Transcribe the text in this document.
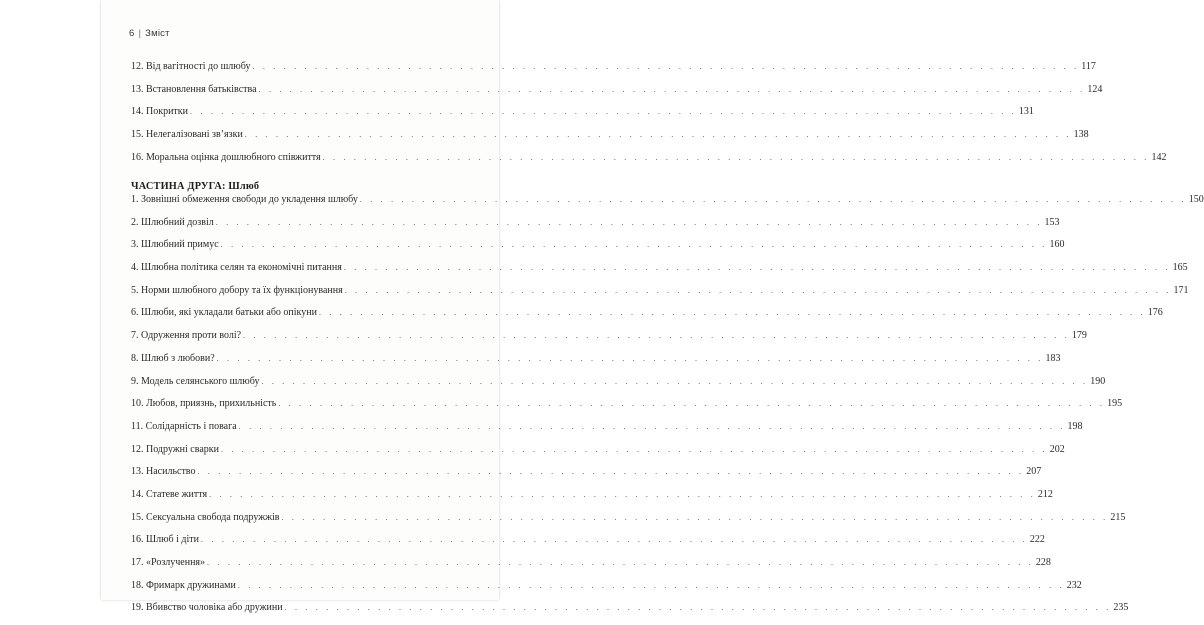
6 | Зміст
12. Від вагітності до шлюбу . . . . . . . . . . . . . . . . . . . . . . . . . . . . . . . . . . . . . . . . . . . . . . . . . . . . . . . . . . . . . . . . . . . . . . . . . . . . . . . . 117
13. Встановлення батьківства . . . . . . . . . . . . . . . . . . . . . . . . . . . . . . . . . . . . . . . . . . . . . . . . . . . . . . . . . . . . . . . . . . . . . . . . . . . . . . . . 124
14. Покритки . . . . . . . . . . . . . . . . . . . . . . . . . . . . . . . . . . . . . . . . . . . . . . . . . . . . . . . . . . . . . . . . . . . . . . . . . . . . . . . . 131
15. Нелегалізовані зв’язки . . . . . . . . . . . . . . . . . . . . . . . . . . . . . . . . . . . . . . . . . . . . . . . . . . . . . . . . . . . . . . . . . . . . . . . . . . . . . . . . 138
16. Моральна оцінка дошлюбного співжиття . . . . . . . . . . . . . . . . . . . . . . . . . . . . . . . . . . . . . . . . . . . . . . . . . . . . . . . . . . . . . . . . . . . . . . . . . . . . . . . . 142
ЧАСТИНА ДРУГА: Шлюб
1. Зовнішні обмеження свободи до укладення шлюбу . . . . . . . . . . . . . . . . . . . . . . . . . . . . . . . . . . . . . . . . . . . . . . . . . . . . . . . . . . . . . . . . . . . . . . . . . . . . . . . . 150
2. Шлюбний дозвіл . . . . . . . . . . . . . . . . . . . . . . . . . . . . . . . . . . . . . . . . . . . . . . . . . . . . . . . . . . . . . . . . . . . . . . . . . . . . . . . . 153
3. Шлюбний примус . . . . . . . . . . . . . . . . . . . . . . . . . . . . . . . . . . . . . . . . . . . . . . . . . . . . . . . . . . . . . . . . . . . . . . . . . . . . . . . . 160
4. Шлюбна політика селян та економічні питання . . . . . . . . . . . . . . . . . . . . . . . . . . . . . . . . . . . . . . . . . . . . . . . . . . . . . . . . . . . . . . . . . . . . . . . . . . . . . . . . 165
5. Норми шлюбного добору та їх функціонування . . . . . . . . . . . . . . . . . . . . . . . . . . . . . . . . . . . . . . . . . . . . . . . . . . . . . . . . . . . . . . . . . . . . . . . . . . . . . . . . 171
6. Шлюби, які укладали батьки або опікуни . . . . . . . . . . . . . . . . . . . . . . . . . . . . . . . . . . . . . . . . . . . . . . . . . . . . . . . . . . . . . . . . . . . . . . . . . . . . . . . . 176
7. Одруження проти волі? . . . . . . . . . . . . . . . . . . . . . . . . . . . . . . . . . . . . . . . . . . . . . . . . . . . . . . . . . . . . . . . . . . . . . . . . . . . . . . . . 179
8. Шлюб з любови? . . . . . . . . . . . . . . . . . . . . . . . . . . . . . . . . . . . . . . . . . . . . . . . . . . . . . . . . . . . . . . . . . . . . . . . . . . . . . . . . 183
9. Модель селянського шлюбу . . . . . . . . . . . . . . . . . . . . . . . . . . . . . . . . . . . . . . . . . . . . . . . . . . . . . . . . . . . . . . . . . . . . . . . . . . . . . . . . 190
10. Любов, приязнь, прихильність . . . . . . . . . . . . . . . . . . . . . . . . . . . . . . . . . . . . . . . . . . . . . . . . . . . . . . . . . . . . . . . . . . . . . . . . . . . . . . . . 195
11. Солідарність і повага . . . . . . . . . . . . . . . . . . . . . . . . . . . . . . . . . . . . . . . . . . . . . . . . . . . . . . . . . . . . . . . . . . . . . . . . . . . . . . . . 198
12. Подружні сварки . . . . . . . . . . . . . . . . . . . . . . . . . . . . . . . . . . . . . . . . . . . . . . . . . . . . . . . . . . . . . . . . . . . . . . . . . . . . . . . . 202
13. Насильство . . . . . . . . . . . . . . . . . . . . . . . . . . . . . . . . . . . . . . . . . . . . . . . . . . . . . . . . . . . . . . . . . . . . . . . . . . . . . . . . 207
14. Статеве життя . . . . . . . . . . . . . . . . . . . . . . . . . . . . . . . . . . . . . . . . . . . . . . . . . . . . . . . . . . . . . . . . . . . . . . . . . . . . . . . . 212
15. Сексуальна свобода подружжів . . . . . . . . . . . . . . . . . . . . . . . . . . . . . . . . . . . . . . . . . . . . . . . . . . . . . . . . . . . . . . . . . . . . . . . . . . . . . . . . 215
16. Шлюб і діти . . . . . . . . . . . . . . . . . . . . . . . . . . . . . . . . . . . . . . . . . . . . . . . . . . . . . . . . . . . . . . . . . . . . . . . . . . . . . . . . 222
17. «Розлучення» . . . . . . . . . . . . . . . . . . . . . . . . . . . . . . . . . . . . . . . . . . . . . . . . . . . . . . . . . . . . . . . . . . . . . . . . . . . . . . . . 228
18. Фримарк дружинами . . . . . . . . . . . . . . . . . . . . . . . . . . . . . . . . . . . . . . . . . . . . . . . . . . . . . . . . . . . . . . . . . . . . . . . . . . . . . . . . 232
19. Вбивство чоловіка або дружини . . . . . . . . . . . . . . . . . . . . . . . . . . . . . . . . . . . . . . . . . . . . . . . . . . . . . . . . . . . . . . . . . . . . . . . . . . . . . . . . 235
